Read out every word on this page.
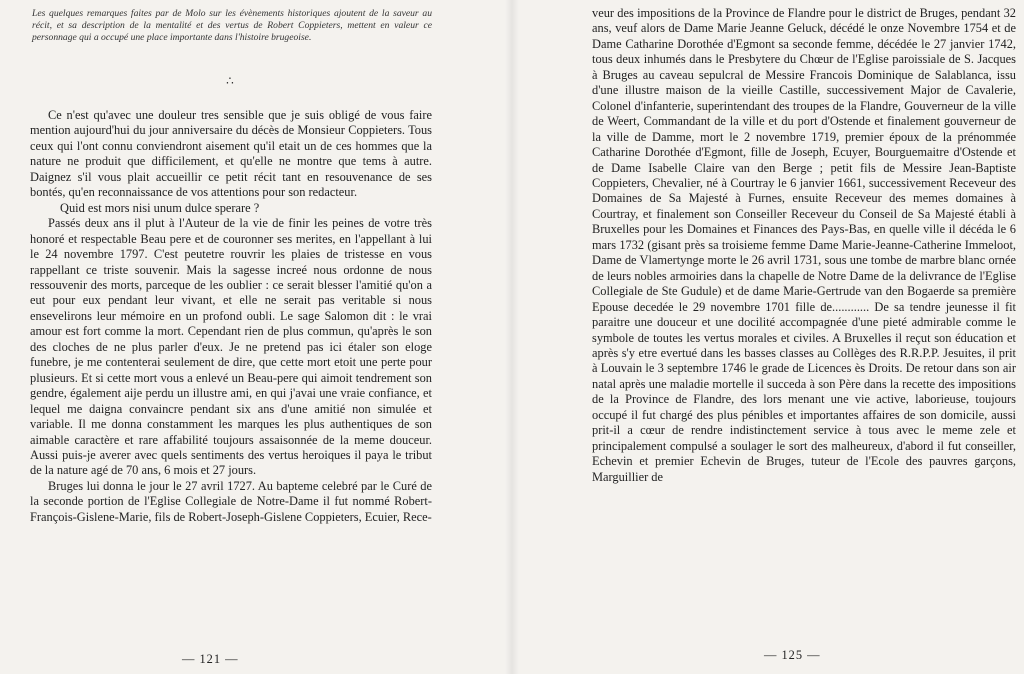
Les quelques remarques faites par de Molo sur les évènements historiques ajoutent de la saveur au récit, et sa description de la mentalité et des vertus de Robert Coppieters, mettent en valeur ce personnage qui a occupé une place importante dans l'histoire brugeoise.
∴

Ce n'est qu'avec une douleur tres sensible que je suis obligé de vous faire mention aujourd'hui du jour anniversaire du décès de Monsieur Coppieters. Tous ceux qui l'ont connu conviendront aisement qu'il etait un de ces hommes que la nature ne produit que difficilement, et qu'elle ne montre que tems à autre. Daignez s'il vous plait accueillir ce petit récit tant en resouvenance de ses bontés, qu'en reconnaissance de vos attentions pour son redacteur.

Quid est mors nisi unum dulce sperare ?

Passés deux ans il plut à l'Auteur de la vie de finir les peines de votre très honoré et respectable Beau pere et de couronner ses merites, en l'appellant à lui le 24 novembre 1797. C'est peutetre rouvrir les plaies de tristesse en vous rappellant ce triste souvenir. Mais la sagesse increé nous ordonne de nous ressouvenir des morts, parceque de les oublier : ce serait blesser l'amitié qu'on a eut pour eux pendant leur vivant, et elle ne serait pas veritable si nous ensevelirons leur mémoire en un profond oubli. Le sage Salomon dit : le vrai amour est fort comme la mort. Cependant rien de plus commun, qu'après le son des cloches de ne plus parler d'eux. Je ne pretend pas ici étaler son eloge funebre, je me contenterai seulement de dire, que cette mort etoit une perte pour plusieurs. Et si cette mort vous a enlevé un Beau-pere qui aimoit tendrement son gendre, également aije perdu un illustre ami, en qui j'avai une vraie confiance, et lequel me daigna convaincre pendant six ans d'une amitié non simulée et variable. Il me donna constamment les marques les plus authentiques de son aimable caractère et rare affabilité toujours assaisonnée de la meme douceur. Aussi puis-je averer avec quels sentiments des vertus heroiques il paya le tribut de la nature agé de 70 ans, 6 mois et 27 jours.

Bruges lui donna le jour le 27 avril 1727. Au bapteme celebré par le Curé de la seconde portion de l'Eglise Collegiale de Notre-Dame il fut nommé Robert-François-Gislene-Marie, fils de Robert-Joseph-Gislene Coppieters, Ecuier, Rece-

— 121 —

veur des impositions de la Province de Flandre pour le district de Bruges, pendant 32 ans, veuf alors de Dame Marie Jeanne Geluck, décédé le onze Novembre 1754 et de Dame Catharine Dorothée d'Egmont sa seconde femme, décédée le 27 janvier 1742, tous deux inhumés dans le Presbytere du Chœur de l'Eglise paroissiale de S. Jacques à Bruges au caveau sepulcral de Messire Francois Dominique de Salablanca, issu d'une illustre maison de la vieille Castille, successivement Major de Cavalerie, Colonel d'infanterie, superintendant des troupes de la Flandre, Gouverneur de la ville de Weert, Commandant de la ville et du port d'Ostende et finalement gouverneur de la ville de Damme, mort le 2 novembre 1719, premier époux de la prénommée Catharine Dorothée d'Egmont, fille de Joseph, Ecuyer, Bourguemaitre d'Ostende et de Dame Isabelle Claire van den Berge ; petit fils de Messire Jean-Baptiste Coppieters, Chevalier, né à Courtray le 6 janvier 1661, successivement Receveur des Domaines de Sa Majesté à Furnes, ensuite Receveur des memes domaines à Courtray, et finalement son Conseiller Receveur du Conseil de Sa Majesté établi à Bruxelles pour les Domaines et Finances des Pays-Bas, en quelle ville il décéda le 6 mars 1732 (gisant près sa troisieme femme Dame Marie-Jeanne-Catherine Immeloot, Dame de Vlamertynge morte le 26 avril 1731, sous une tombe de marbre blanc ornée de leurs nobles armoiries dans la chapelle de Notre Dame de la delivrance de l'Eglise Collegiale de Ste Gudule) et de dame Marie-Gertrude van den Bogaerde sa première Epouse decedée le 29 novembre 1701 fille de............ De sa tendre jeunesse il fit paraitre une douceur et une docilité accompagnée d'une pieté admirable comme le symbole de toutes les vertus morales et civiles. A Bruxelles il reçut son éducation et après s'y etre evertué dans les basses classes au Collèges des R.R.P.P. Jesuites, il prit à Louvain le 3 septembre 1746 le grade de Licences ès Droits. De retour dans son air natal après une maladie mortelle il succeda à son Père dans la recette des impositions de la Province de Flandre, des lors menant une vie active, laborieuse, toujours occupé il fut chargé des plus pénibles et importantes affaires de son domicile, aussi prit-il a cœur de rendre indistinctement service à tous avec le meme zele et principalement compulsé a soulager le sort des malheureux, d'abord il fut conseiller, Echevin et premier Echevin de Bruges, tuteur de l'Ecole des pauvres garçons, Marguillier de

— 125 —
